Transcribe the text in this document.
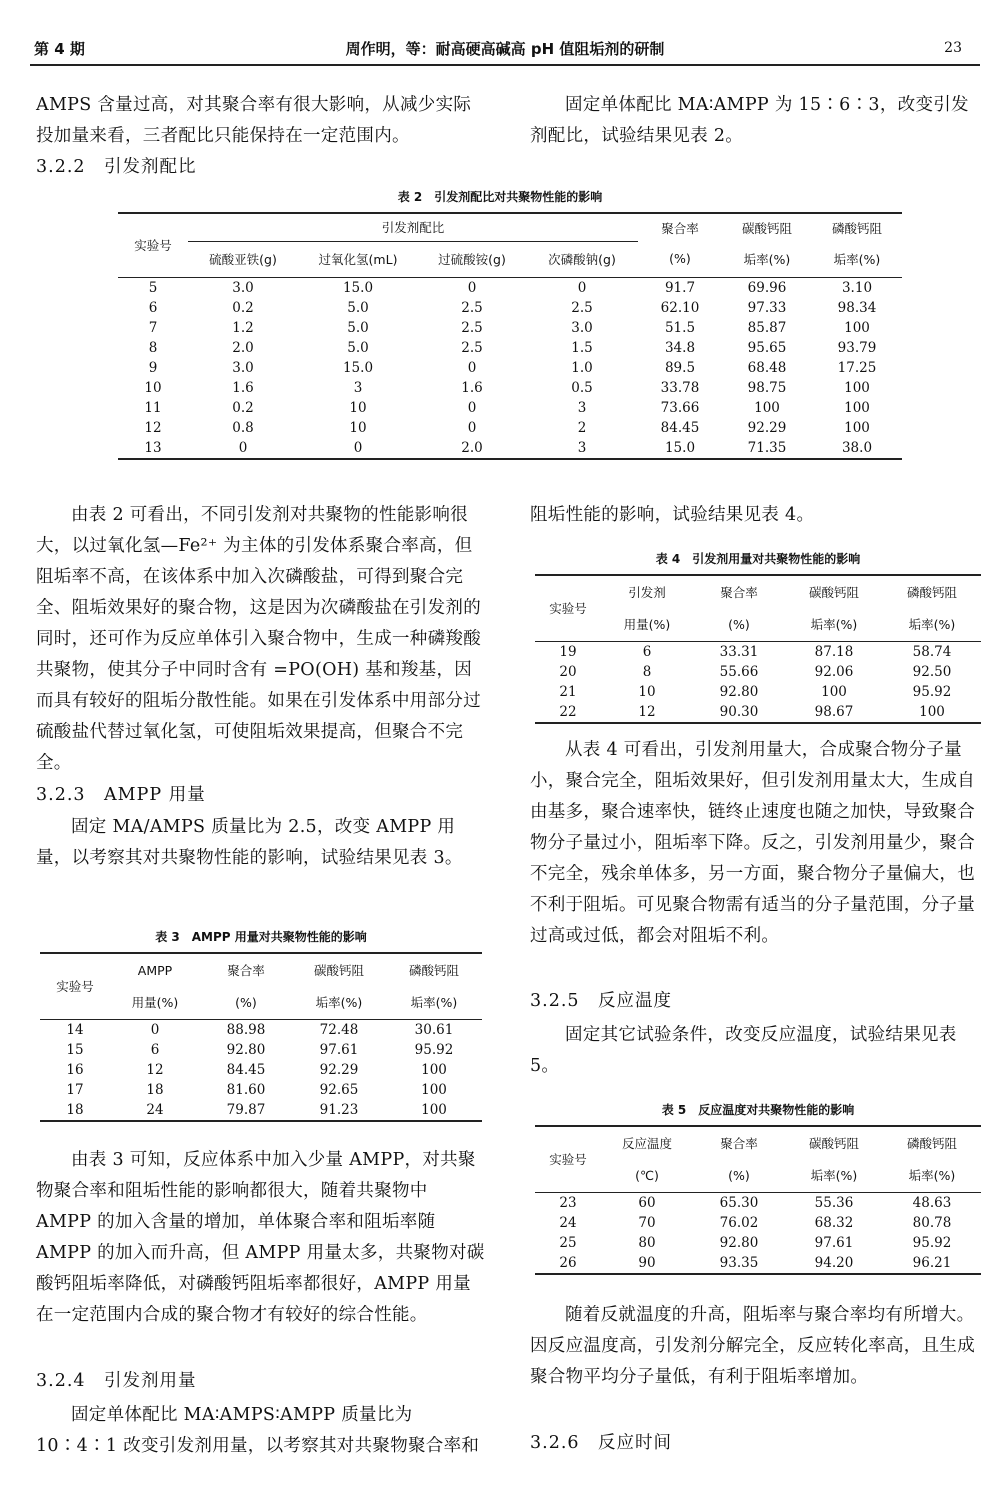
第 4 期	周作明，等：耐高硬高碱高 pH 值阻垢剂的研制	23

AMPS 含量过高，对其聚合率有很大影响，从减少实际投加量来看，三者配比只能保持在一定范围内。

3.2.2　引发剂配比

固定单体配比 MA∶AMPP 为 15∶6∶3，改变引发剂配比，试验结果见表 2。

表 2　引发剂配比对共聚物性能的影响
实验号	引发剂配比				聚合率	碳酸钙阻	磷酸钙阻
	硫酸亚铁(g)	过氧化氢(mL)	过硫酸铵(g)	次磷酸钠(g)	(%)	垢率(%)	垢率(%)
5	3.0	15.0	0	0	91.7	69.96	3.10
6	0.2	5.0	2.5	2.5	62.10	97.33	98.34
7	1.2	5.0	2.5	3.0	51.5	85.87	100
8	2.0	5.0	2.5	1.5	34.8	95.65	93.79
9	3.0	15.0	0	1.0	89.5	68.48	17.25
10	1.6	3	1.6	0.5	33.78	98.75	100
11	0.2	10	0	3	73.66	100	100
12	0.8	10	0	2	84.45	92.29	100
13	0	0	2.0	3	15.0	71.35	38.0

由表 2 可看出，不同引发剂对共聚物的性能影响很大，以过氧化氢—Fe²⁺ 为主体的引发体系聚合率高，但阻垢率不高，在该体系中加入次磷酸盐，可得到聚合完全、阻垢效果好的聚合物，这是因为次磷酸盐在引发剂的同时，还可作为反应单体引入聚合物中，生成一种磷羧酸共聚物，使其分子中同时含有 =PO(OH) 基和羧基，因而具有较好的阻垢分散性能。如果在引发体系中用部分过硫酸盐代替过氧化氢，可使阻垢效果提高，但聚合不完全。

3.2.3　AMPP 用量

固定 MA/AMPS 质量比为 2.5，改变 AMPP 用量，以考察其对共聚物性能的影响，试验结果见表 3。

表 3　AMPP 用量对共聚物性能的影响
实验号	AMPP	聚合率	碳酸钙阻	磷酸钙阻
	用量(%)	(%)	垢率(%)	垢率(%)
14	0	88.98	72.48	30.61
15	6	92.80	97.61	95.92
16	12	84.45	92.29	100
17	18	81.60	92.65	100
18	24	79.87	91.23	100

由表 3 可知，反应体系中加入少量 AMPP，对共聚物聚合率和阻垢性能的影响都很大，随着共聚物中 AMPP 的加入含量的增加，单体聚合率和阻垢率随 AMPP 的加入而升高，但 AMPP 用量太多，共聚物对碳酸钙阻垢率降低，对磷酸钙阻垢率都很好，AMPP 用量在一定范围内合成的聚合物才有较好的综合性能。

3.2.4　引发剂用量

固定单体配比 MA∶AMPS∶AMPP 质量比为 10∶4∶1 改变引发剂用量，以考察其对共聚物聚合率和

阻垢性能的影响，试验结果见表 4。

表 4　引发剂用量对共聚物性能的影响
实验号	引发剂	聚合率	碳酸钙阻	磷酸钙阻
	用量(%)	(%)	垢率(%)	垢率(%)
19	6	33.31	87.18	58.74
20	8	55.66	92.06	92.50
21	10	92.80	100	95.92
22	12	90.30	98.67	100

从表 4 可看出，引发剂用量大，合成聚合物分子量小，聚合完全，阻垢效果好，但引发剂用量太大，生成自由基多，聚合速率快，链终止速度也随之加快，导致聚合物分子量过小，阻垢率下降。反之，引发剂用量少，聚合不完全，残余单体多，另一方面，聚合物分子量偏大，也不利于阻垢。可见聚合物需有适当的分子量范围，分子量过高或过低，都会对阻垢不利。

3.2.5　反应温度

固定其它试验条件，改变反应温度，试验结果见表 5。

表 5　反应温度对共聚物性能的影响
实验号	反应温度	聚合率	碳酸钙阻	磷酸钙阻
	(℃)	(%)	垢率(%)	垢率(%)
23	60	65.30	55.36	48.63
24	70	76.02	68.32	80.78
25	80	92.80	97.61	95.92
26	90	93.35	94.20	96.21

随着反就温度的升高，阻垢率与聚合率均有所增大。因反应温度高，引发剂分解完全，反应转化率高，且生成聚合物平均分子量低，有利于阻垢率增加。

3.2.6　反应时间
